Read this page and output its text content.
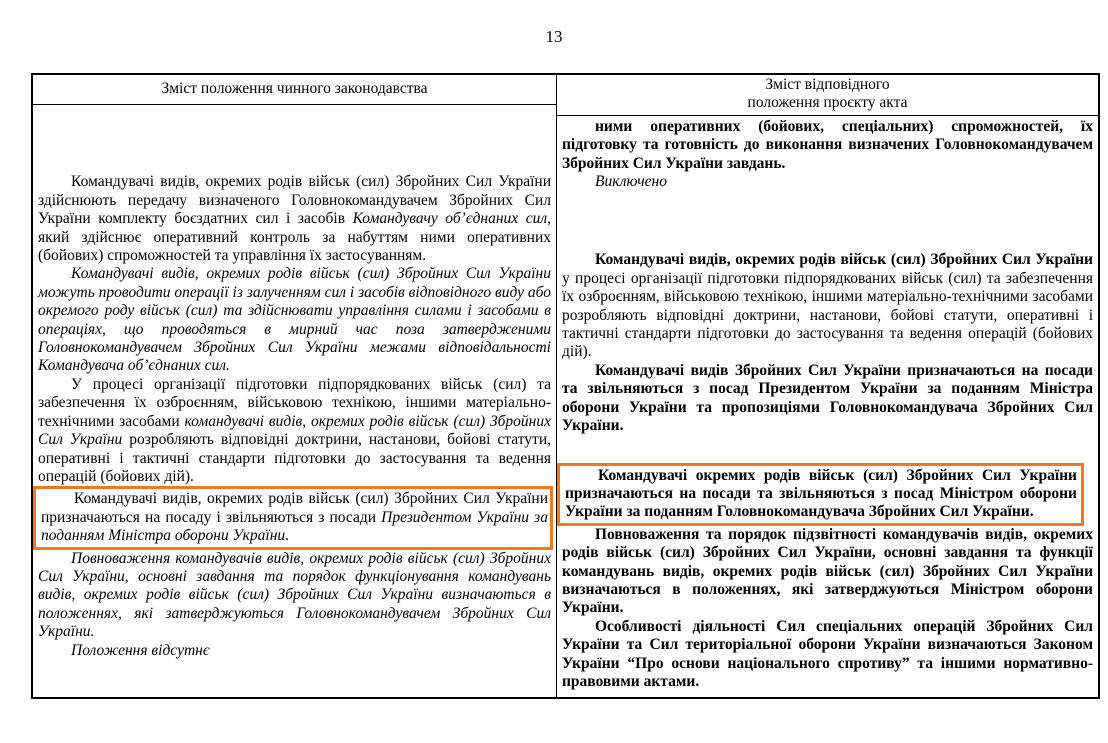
13
Зміст положення чинного законодавства

Командувачі видів, окремих родів військ (сил) Збройних Сил України здійснюють передачу визначеного Головнокомандувачем Збройних Сил України комплекту боєздатних сил і засобів Командувачу об’єднаних сил, який здійснює оперативний контроль за набуттям ними оперативних (бойових) спроможностей та управління їх застосуванням.

Командувачі видів, окремих родів військ (сил) Збройних Сил України можуть проводити операції із залученням сил і засобів відповідного виду або окремого роду військ (сил) та здійснювати управління силами і засобами в операціях, що проводяться в мирний час поза затвердженими Головнокомандувачем Збройних Сил України межами відповідальності Командувача об’єднаних сил.

У процесі організації підготовки підпорядкованих військ (сил) та забезпечення їх озброєнням, військовою технікою, іншими матеріально-технічними засобами командувачі видів, окремих родів військ (сил) Збройних Сил України розробляють відповідні доктрини, настанови, бойові статути, оперативні і тактичні стандарти підготовки до застосування та ведення операцій (бойових дій).

Командувачі видів, окремих родів військ (сил) Збройних Сил України призначаються на посаду і звільняються з посади Президентом України за поданням Міністра оборони України.

Повноваження командувачів видів, окремих родів військ (сил) Збройних Сил України, основні завдання та порядок функціонування командувань видів, окремих родів військ (сил) Збройних Сил України визначаються в положеннях, які затверджуються Головнокомандувачем Збройних Сил України.

Положення відсутнє

Зміст відповідного
положення проєкту акта

ними оперативних (бойових, спеціальних) спроможностей, їх підготовку та готовність до виконання визначених Головнокомандувачем Збройних Сил України завдань.

Виключено

Командувачі видів, окремих родів військ (сил) Збройних Сил України у процесі організації підготовки підпорядкованих військ (сил) та забезпечення їх озброєнням, військовою технікою, іншими матеріально-технічними засобами розробляють відповідні доктрини, настанови, бойові статути, оперативні і тактичні стандарти підготовки до застосування та ведення операцій (бойових дій).

Командувачі видів Збройних Сил України призначаються на посади та звільняються з посад Президентом України за поданням Міністра оборони України та пропозиціями Головнокомандувача Збройних Сил України.

Командувачі окремих родів військ (сил) Збройних Сил України призначаються на посади та звільняються з посад Міністром оборони України за поданням Головнокомандувача Збройних Сил України.

Повноваження та порядок підзвітності командувачів видів, окремих родів військ (сил) Збройних Сил України, основні завдання та функції командувань видів, окремих родів військ (сил) Збройних Сил України визначаються в положеннях, які затверджуються Міністром оборони України.

Особливості діяльності Сил спеціальних операцій Збройних Сил України та Сил територіальної оборони України визначаються Законом України “Про основи національного спротиву” та іншими нормативно-правовими актами.
